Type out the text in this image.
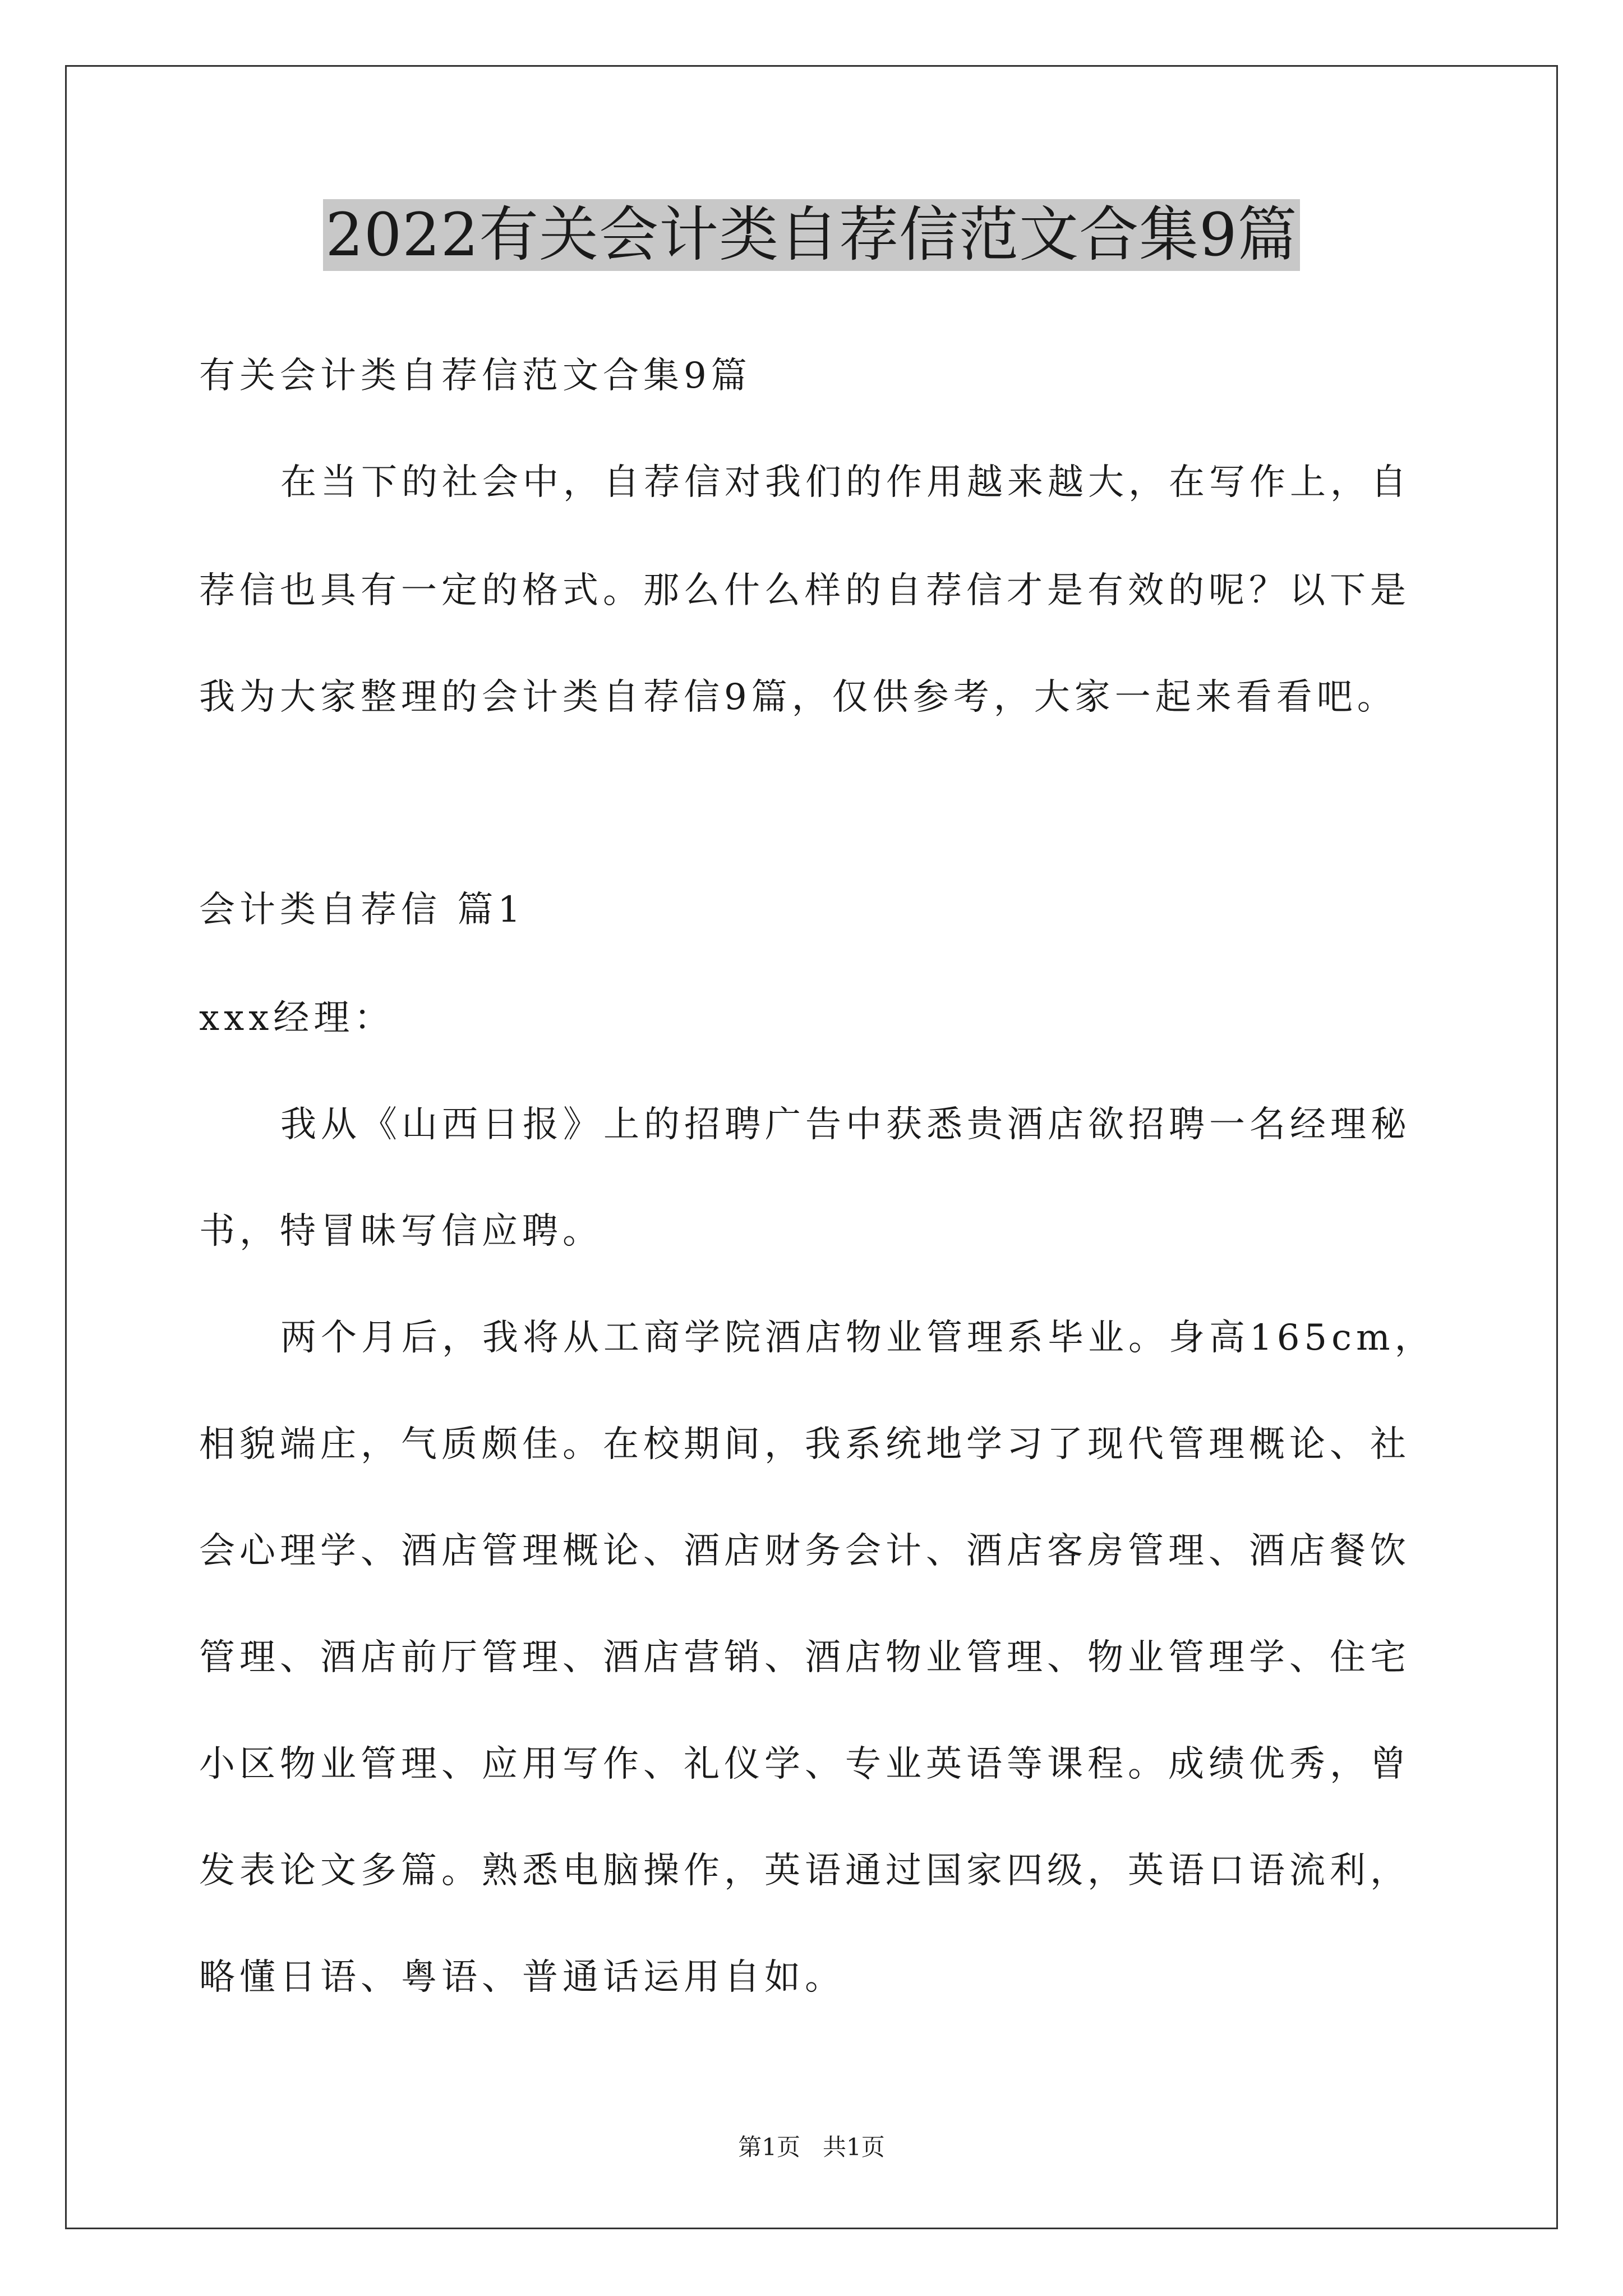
2022有关会计类自荐信范文合集9篇
有关会计类自荐信范文合集9篇
在当下的社会中，自荐信对我们的作用越来越大，在写作上，自
荐信也具有一定的格式。那么什么样的自荐信才是有效的呢？以下是
我为大家整理的会计类自荐信9篇，仅供参考，大家一起来看看吧。
会计类自荐信 篇1
xxx经理：
我从《山西日报》上的招聘广告中获悉贵酒店欲招聘一名经理秘
书，特冒昧写信应聘。
两个月后，我将从工商学院酒店物业管理系毕业。身高165cm，
相貌端庄，气质颇佳。在校期间，我系统地学习了现代管理概论、社
会心理学、酒店管理概论、酒店财务会计、酒店客房管理、酒店餐饮
管理、酒店前厅管理、酒店营销、酒店物业管理、物业管理学、住宅
小区物业管理、应用写作、礼仪学、专业英语等课程。成绩优秀，曾
发表论文多篇。熟悉电脑操作，英语通过国家四级，英语口语流利，
略懂日语、粤语、普通话运用自如。
第1页 共1页
